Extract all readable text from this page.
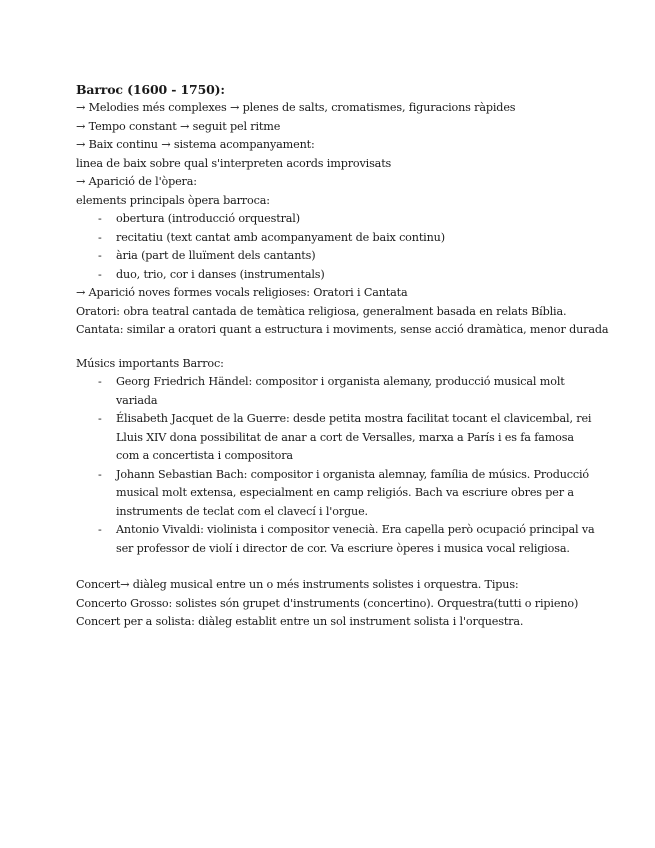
Barroc (1600 - 1750):

→ Melodies més complexes → plenes de salts, cromatismes, figuracions ràpides

→ Tempo constant → seguit pel ritme

→ Baix continu → sistema acompanyament:

linea de baix sobre qual s'interpreten acords improvisats

→ Aparició de l'òpera:

elements principals òpera barroca:

- obertura (introducció orquestral)
- recitatiu (text cantat amb acompanyament de baix continu)
- ària (part de lluïment dels cantants)
- duo, trio, cor i danses (instrumentals)

→ Aparició noves formes vocals religioses: Oratori i Cantata

Oratori: obra teatral cantada de temàtica religiosa, generalment basada en relats Bíblia.

Cantata: similar a oratori quant a estructura i moviments, sense acció dramàtica, menor durada

Músics importants Barroc:

- Georg Friedrich Händel: compositor i organista alemany, producció musical molt variada
- Élisabeth Jacquet de la Guerre: desde petita mostra facilitat tocant el clavicembal, rei Lluis XIV dona possibilitat de anar a cort de Versalles, marxa a París i es fa famosa com a concertista i compositora
- Johann Sebastian Bach: compositor i organista alemnay, família de músics. Producció musical molt extensa, especialment en camp religiós. Bach va escriure obres per a instruments de teclat com el clavecí i l'orgue.
- Antonio Vivaldi: violinista i compositor venecià. Era capella però ocupació principal va ser professor de violí i director de cor. Va escriure òperes i musica vocal religiosa.

Concert→ diàleg musical entre un o més instruments solistes i orquestra. Tipus:

Concerto Grosso: solistes són grupet d'instruments (concertino). Orquestra(tutti o ripieno)

Concert per a solista: diàleg establit entre un sol instrument solista i l'orquestra.
